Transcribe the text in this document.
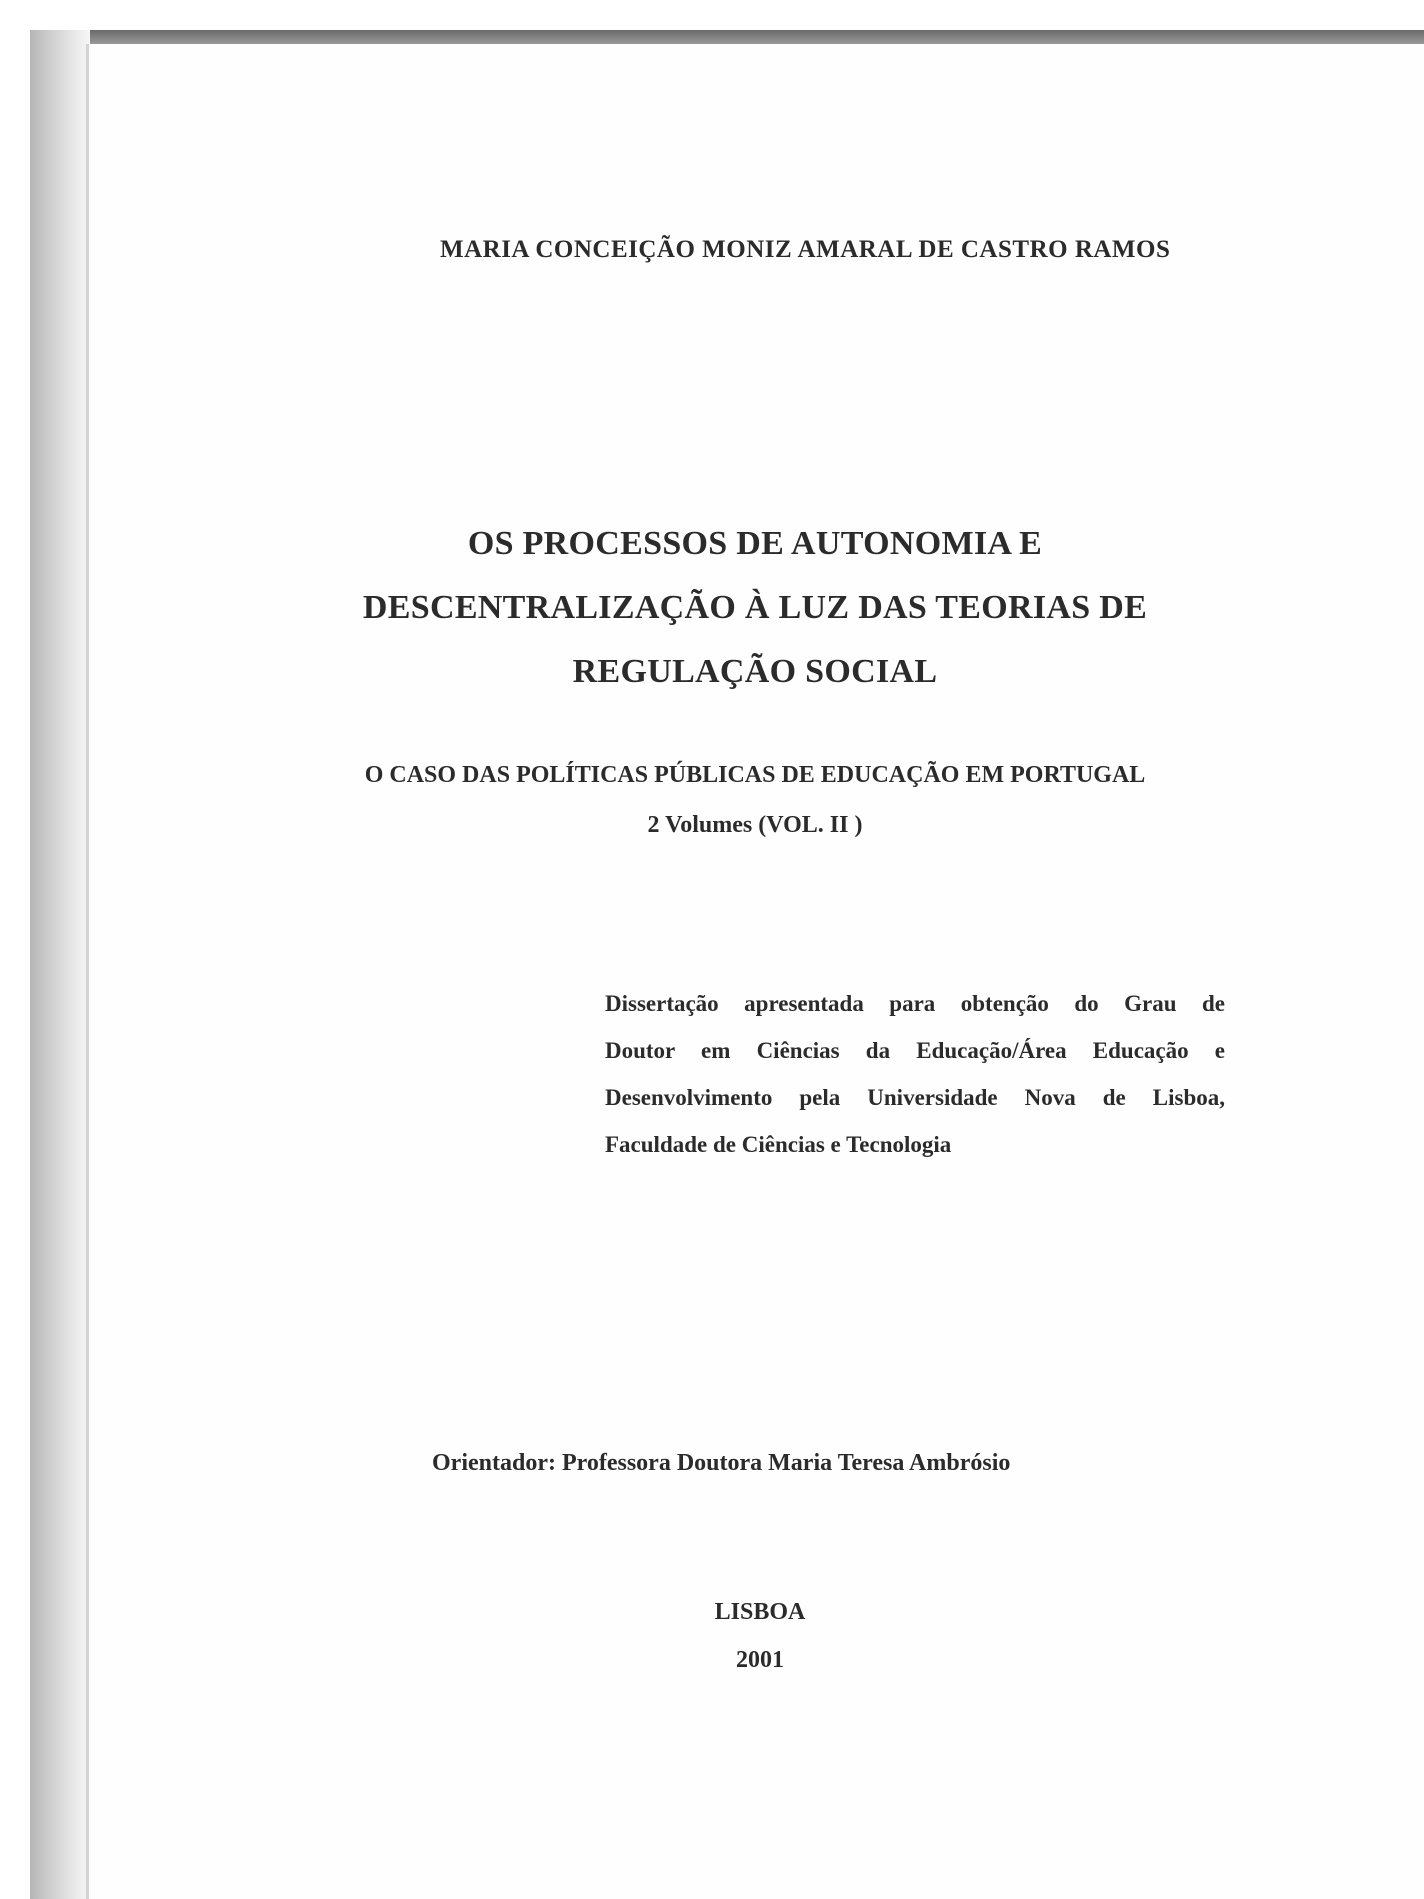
MARIA CONCEIÇÃO MONIZ AMARAL DE CASTRO RAMOS
OS PROCESSOS DE AUTONOMIA E
DESCENTRALIZAÇÃO À LUZ DAS TEORIAS DE
REGULAÇÃO SOCIAL
O CASO DAS POLÍTICAS PÚBLICAS DE EDUCAÇÃO EM PORTUGAL
2 Volumes (VOL. II )
Dissertação apresentada para obtenção do Grau de
Doutor em Ciências da Educação/Área Educação e
Desenvolvimento pela Universidade Nova de Lisboa,
Faculdade de Ciências e Tecnologia
Orientador: Professora Doutora Maria Teresa Ambrósio
LISBOA
2001
